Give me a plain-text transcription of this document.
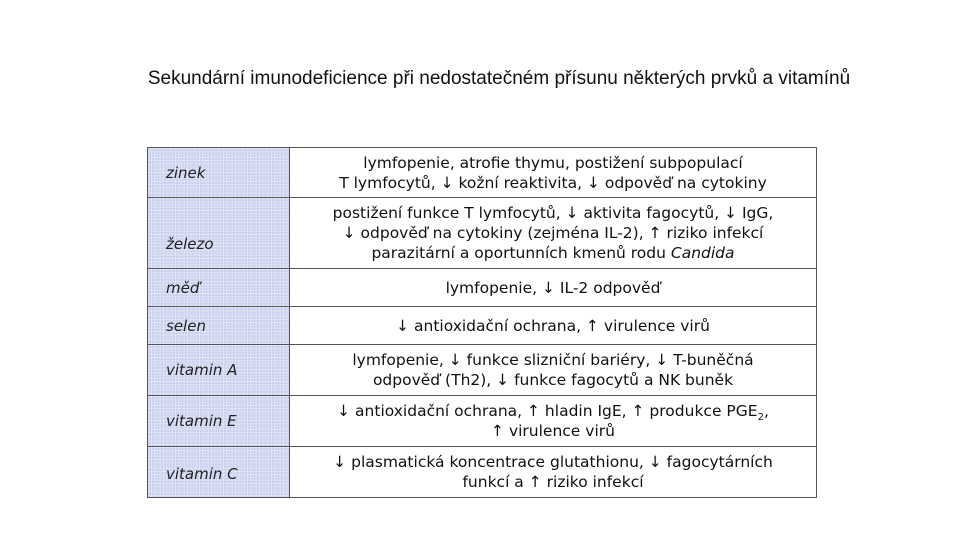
Sekundární imunodeficience při nedostatečném přísunu některých prvků a vitamínů
zinek	lymfopenie, atrofie thymu, postižení subpopulací
T lymfocytů, ↓ kožní reaktivita, ↓ odpověď na cytokiny
železo	postižení funkce T lymfocytů, ↓ aktivita fagocytů, ↓ IgG,
↓ odpověď na cytokiny (zejména IL-2), ↑ riziko infekcí
parazitární a oportunních kmenů rodu Candida
měď	lymfopenie, ↓ IL-2 odpověď
selen	↓ antioxidační ochrana, ↑ virulence virů
vitamin A	lymfopenie, ↓ funkce slizniční bariéry, ↓ T-buněčná
odpověď (Th2), ↓ funkce fagocytů a NK buněk
vitamin E	↓ antioxidační ochrana, ↑ hladin IgE, ↑ produkce $PGE_2$,
↑ virulence virů
vitamin C	↓ plasmatická koncentrace glutathionu, ↓ fagocytárních
funkcí a ↑ riziko infekcí
